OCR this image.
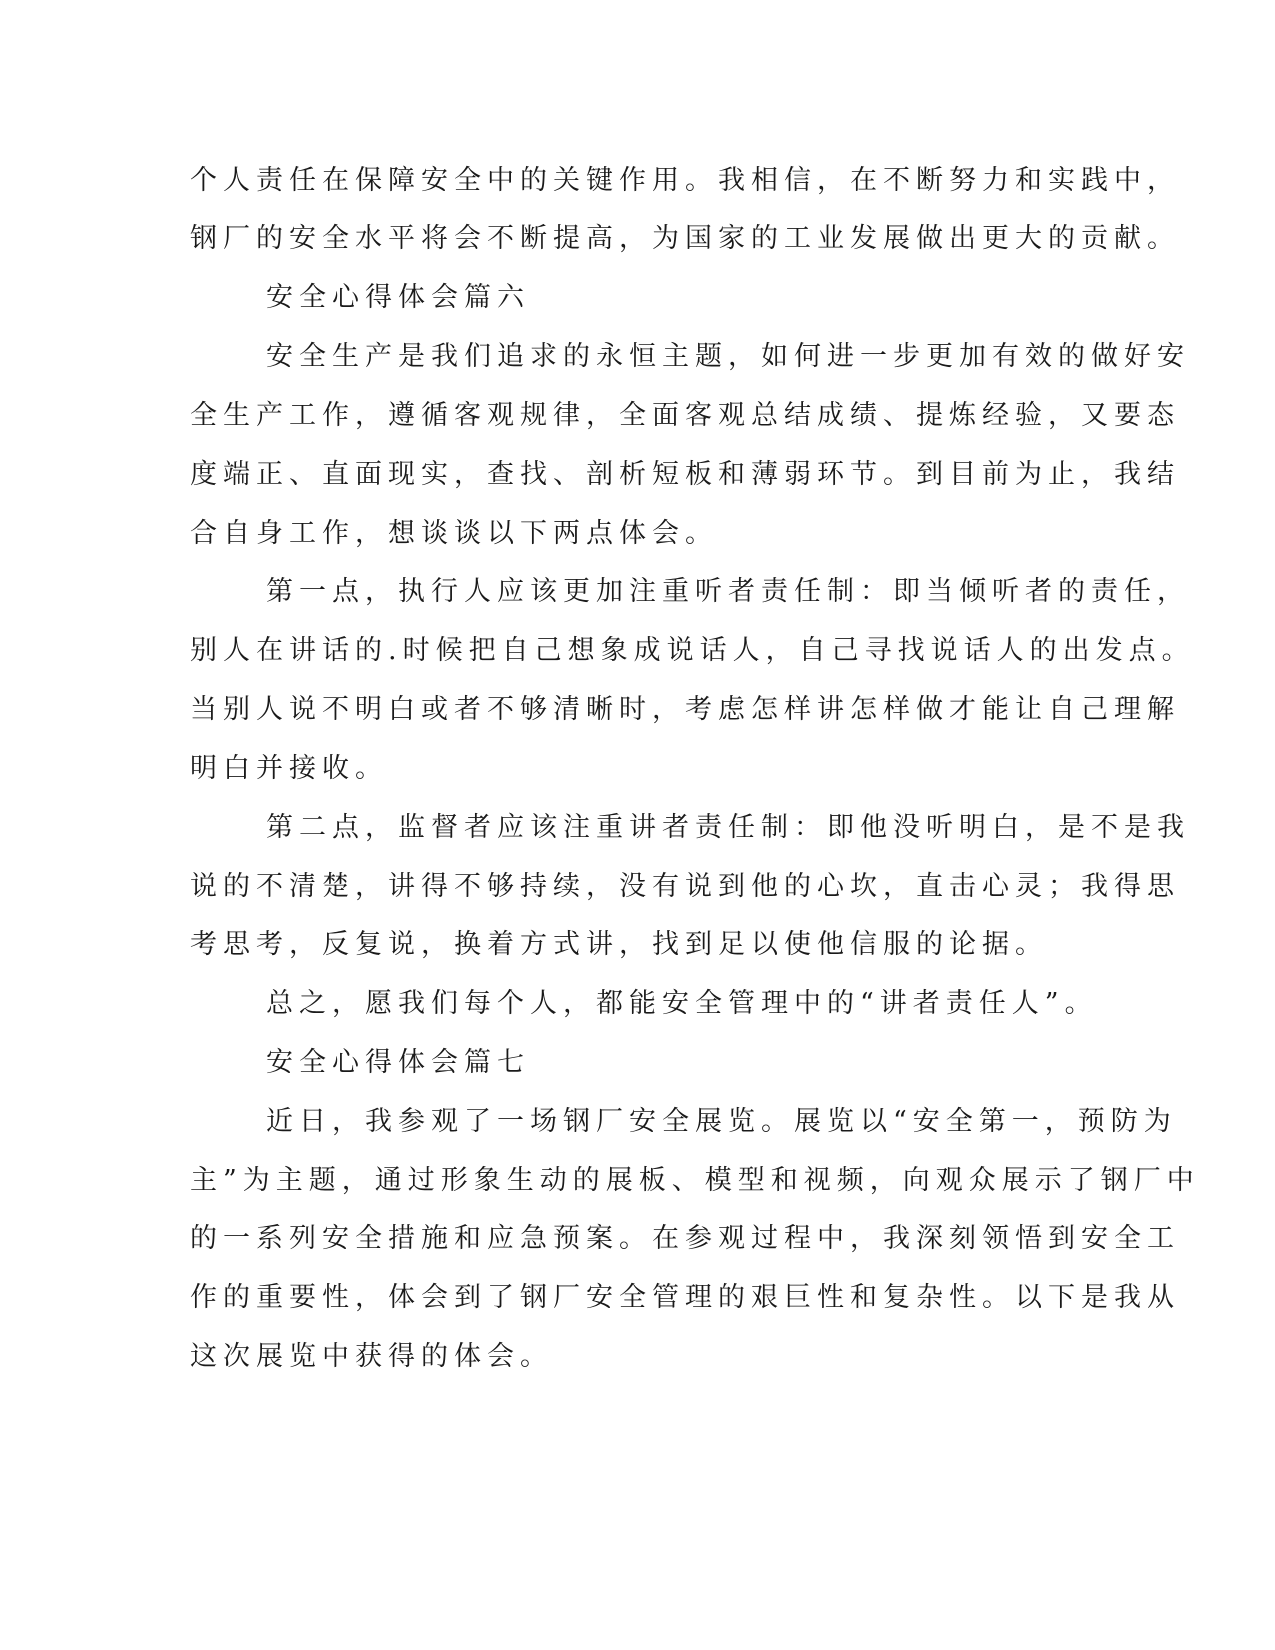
个人责任在保障安全中的关键作用。我相信，在不断努力和实践中，
钢厂的安全水平将会不断提高，为国家的工业发展做出更大的贡献。
安全心得体会篇六
安全生产是我们追求的永恒主题，如何进一步更加有效的做好安
全生产工作，遵循客观规律，全面客观总结成绩、提炼经验，又要态
度端正、直面现实，查找、剖析短板和薄弱环节。到目前为止，我结
合自身工作，想谈谈以下两点体会。
第一点，执行人应该更加注重听者责任制：即当倾听者的责任，
别人在讲话的.时候把自己想象成说话人，自己寻找说话人的出发点。
当别人说不明白或者不够清晰时，考虑怎样讲怎样做才能让自己理解
明白并接收。
第二点，监督者应该注重讲者责任制：即他没听明白，是不是我
说的不清楚，讲得不够持续，没有说到他的心坎，直击心灵；我得思
考思考，反复说，换着方式讲，找到足以使他信服的论据。
总之，愿我们每个人，都能安全管理中的“讲者责任人”。
安全心得体会篇七
近日，我参观了一场钢厂安全展览。展览以“安全第一，预防为
主”为主题，通过形象生动的展板、模型和视频，向观众展示了钢厂中
的一系列安全措施和应急预案。在参观过程中，我深刻领悟到安全工
作的重要性，体会到了钢厂安全管理的艰巨性和复杂性。以下是我从
这次展览中获得的体会。
